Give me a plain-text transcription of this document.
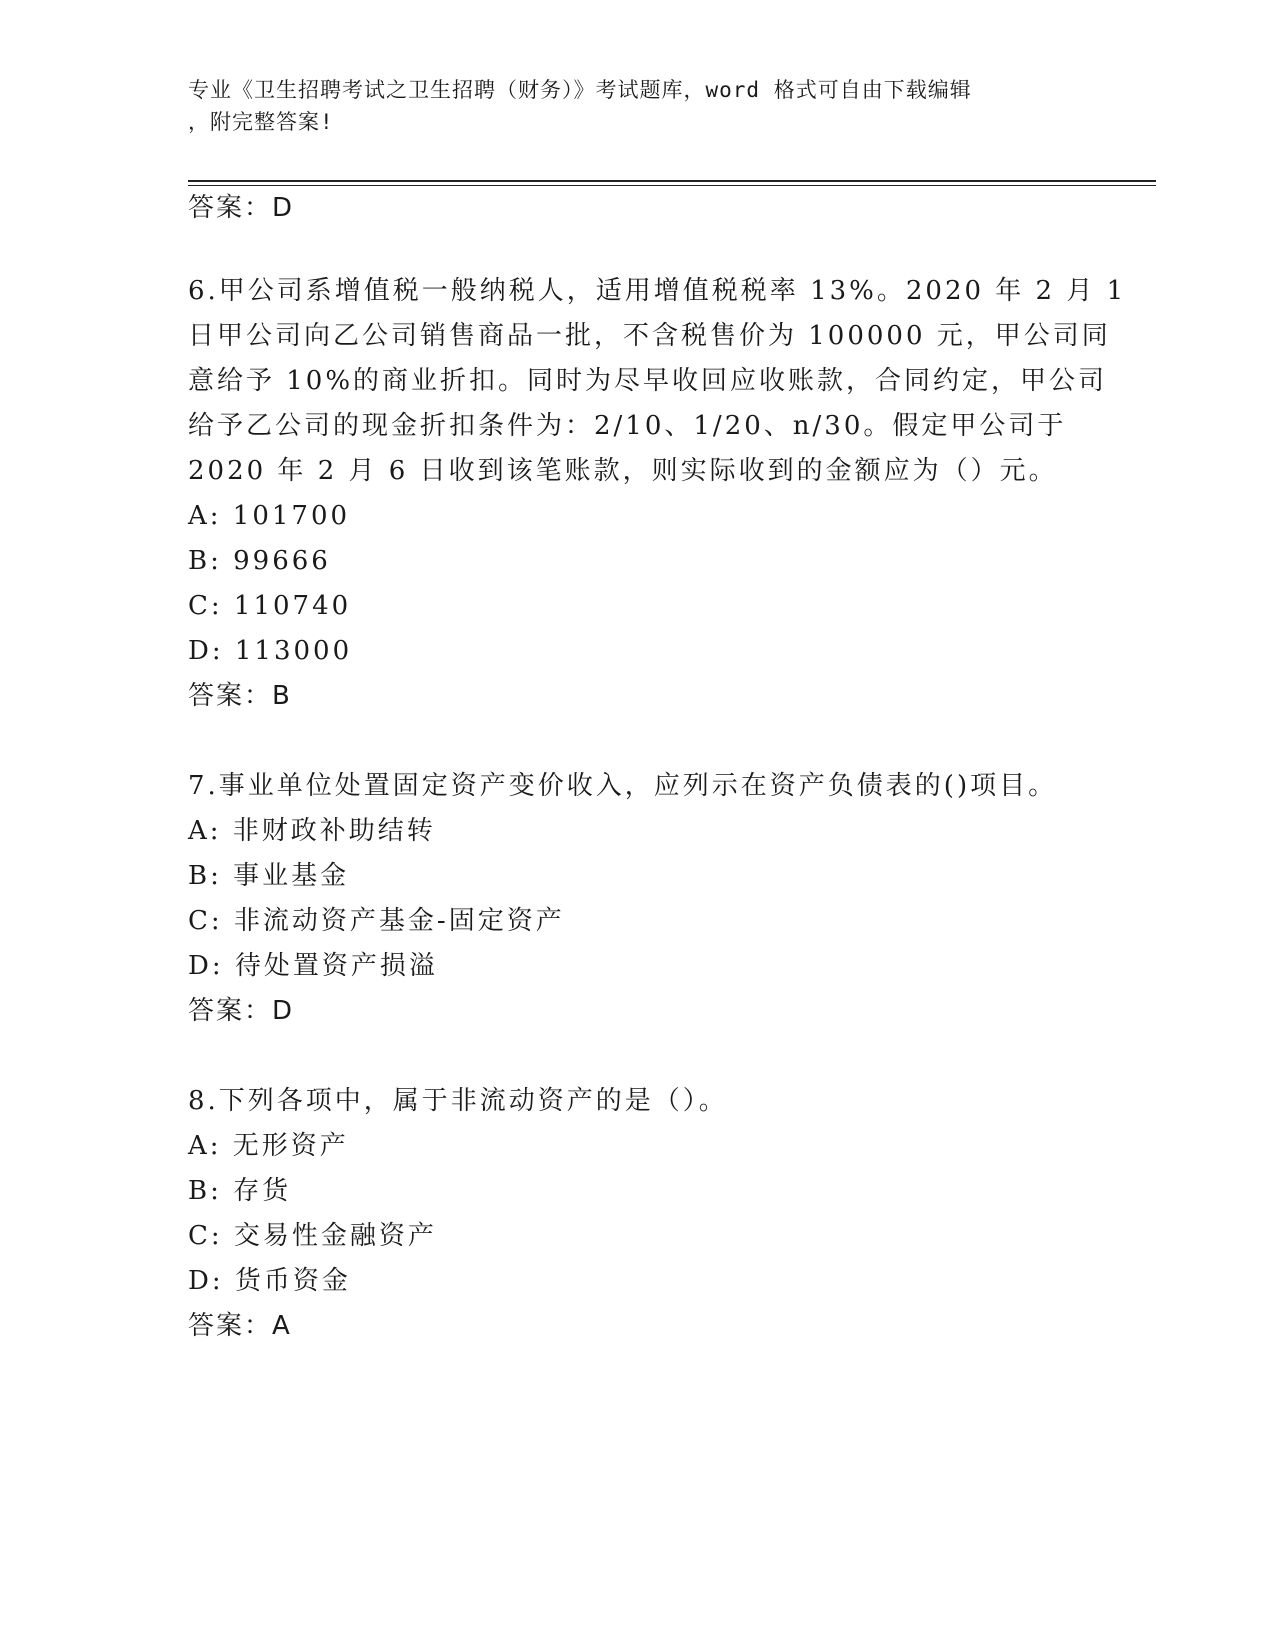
专业《卫生招聘考试之卫生招聘（财务）》考试题库，word 格式可自由下载编辑
，附完整答案!
答案：D
6.甲公司系增值税一般纳税人，适用增值税税率 13%。2020 年 2 月 1
日甲公司向乙公司销售商品一批，不含税售价为 100000 元，甲公司同
意给予 10%的商业折扣。同时为尽早收回应收账款，合同约定，甲公司
给予乙公司的现金折扣条件为：2/10、1/20、n/30。假定甲公司于
2020 年 2 月 6 日收到该笔账款，则实际收到的金额应为（）元。
A: 101700
B: 99666
C: 110740
D: 113000
答案：B
7.事业单位处置固定资产变价收入，应列示在资产负债表的()项目。
A: 非财政补助结转
B: 事业基金
C: 非流动资产基金-固定资产
D: 待处置资产损溢
答案：D
8.下列各项中，属于非流动资产的是（）。
A: 无形资产
B: 存货
C: 交易性金融资产
D: 货币资金
答案：A
